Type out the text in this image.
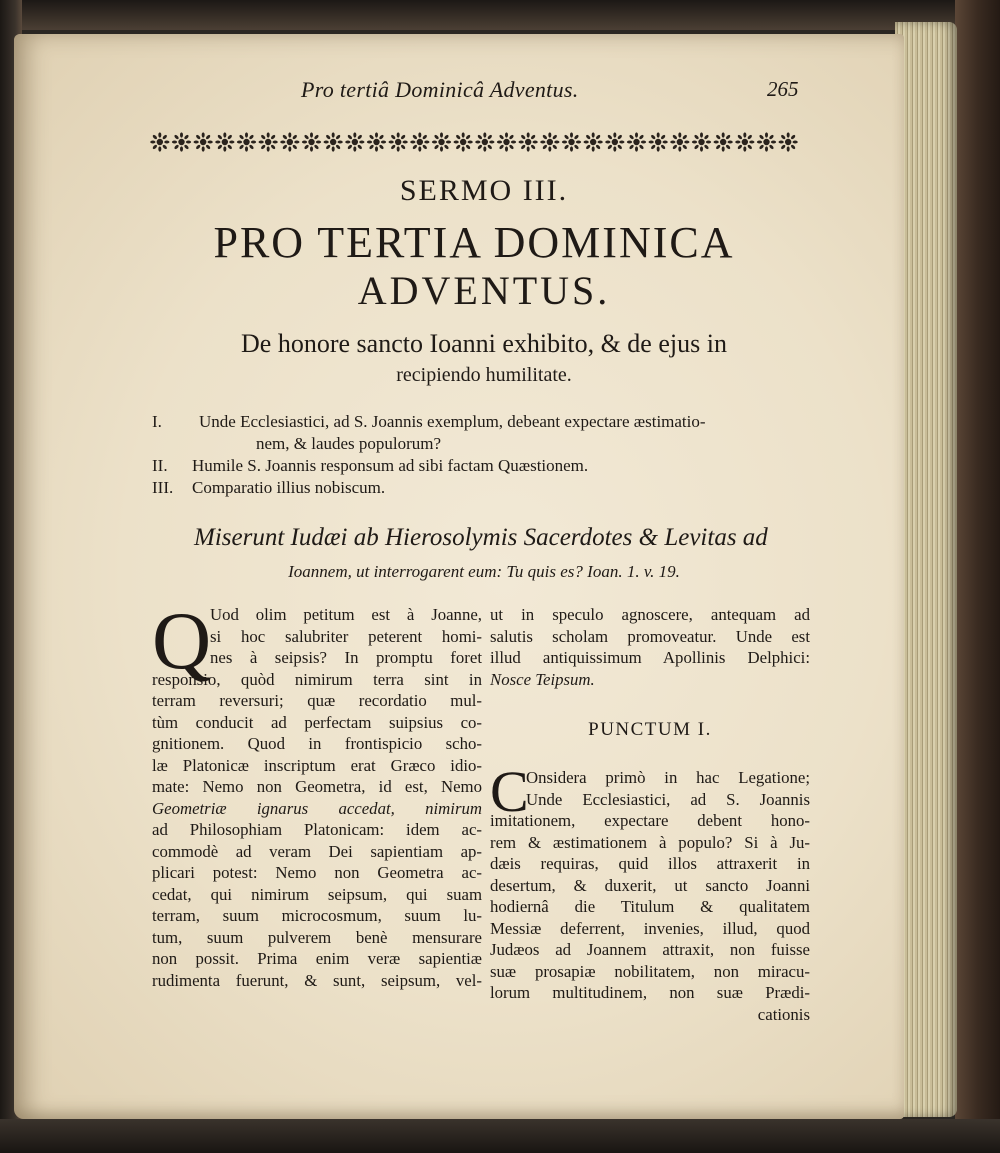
Pro tertiâ Dominicâ Adventus.	265
SERMO III.
PRO TERTIA DOMINICA
ADVENTUS.
De honore sancto Ioanni exhibito, & de ejus in
recipiendo humilitate.
I. Unde Ecclesiastici, ad S. Joannis exemplum, debeant expectare æstimatio-
nem, & laudes populorum?
II. Humile S. Joannis responsum ad sibi factam Quæstionem.
III. Comparatio illius nobiscum.
Miserunt Iudæi ab Hierosolymis Sacerdotes & Levitas ad
Ioannem, ut interrogarent eum: Tu quis es? Ioan. 1. v. 19.
Q
Uod olim petitum est à Joanne,
si hoc salubriter peterent homi-
nes à seipsis? In promptu foret
responsio, quòd nimirum terra sint in
terram reversuri; quæ recordatio mul-
tùm conducit ad perfectam suipsius co-
gnitionem. Quod in frontispicio scho-
læ Platonicæ inscriptum erat Græco idio-
mate: Nemo non Geometra, id est, Nemo
Geometriæ ignarus accedat, nimirum
ad Philosophiam Platonicam: idem ac-
commodè ad veram Dei sapientiam ap-
plicari potest: Nemo non Geometra ac-
cedat, qui nimirum seipsum, qui suam
terram, suum microcosmum, suum lu-
tum, suum pulverem benè mensurare
non possit. Prima enim veræ sapientiæ
rudimenta fuerunt, & sunt, seipsum, vel-
ut in speculo agnoscere, antequam ad
salutis scholam promoveatur. Unde est
illud antiquissimum Apollinis Delphici:
Nosce Teipsum.
PUNCTUM I.
C
Onsidera primò in hac Legatione;
Unde Ecclesiastici, ad S. Joannis
imitationem, expectare debent hono-
rem & æstimationem à populo? Si à Ju-
dæis requiras, quid illos attraxerit in
desertum, & duxerit, ut sancto Joanni
hodiernâ die Titulum & qualitatem
Messiæ deferrent, invenies, illud, quod
Judæos ad Joannem attraxit, non fuisse
suæ prosapiæ nobilitatem, non miracu-
lorum multitudinem, non suæ Prædi-
cationis
